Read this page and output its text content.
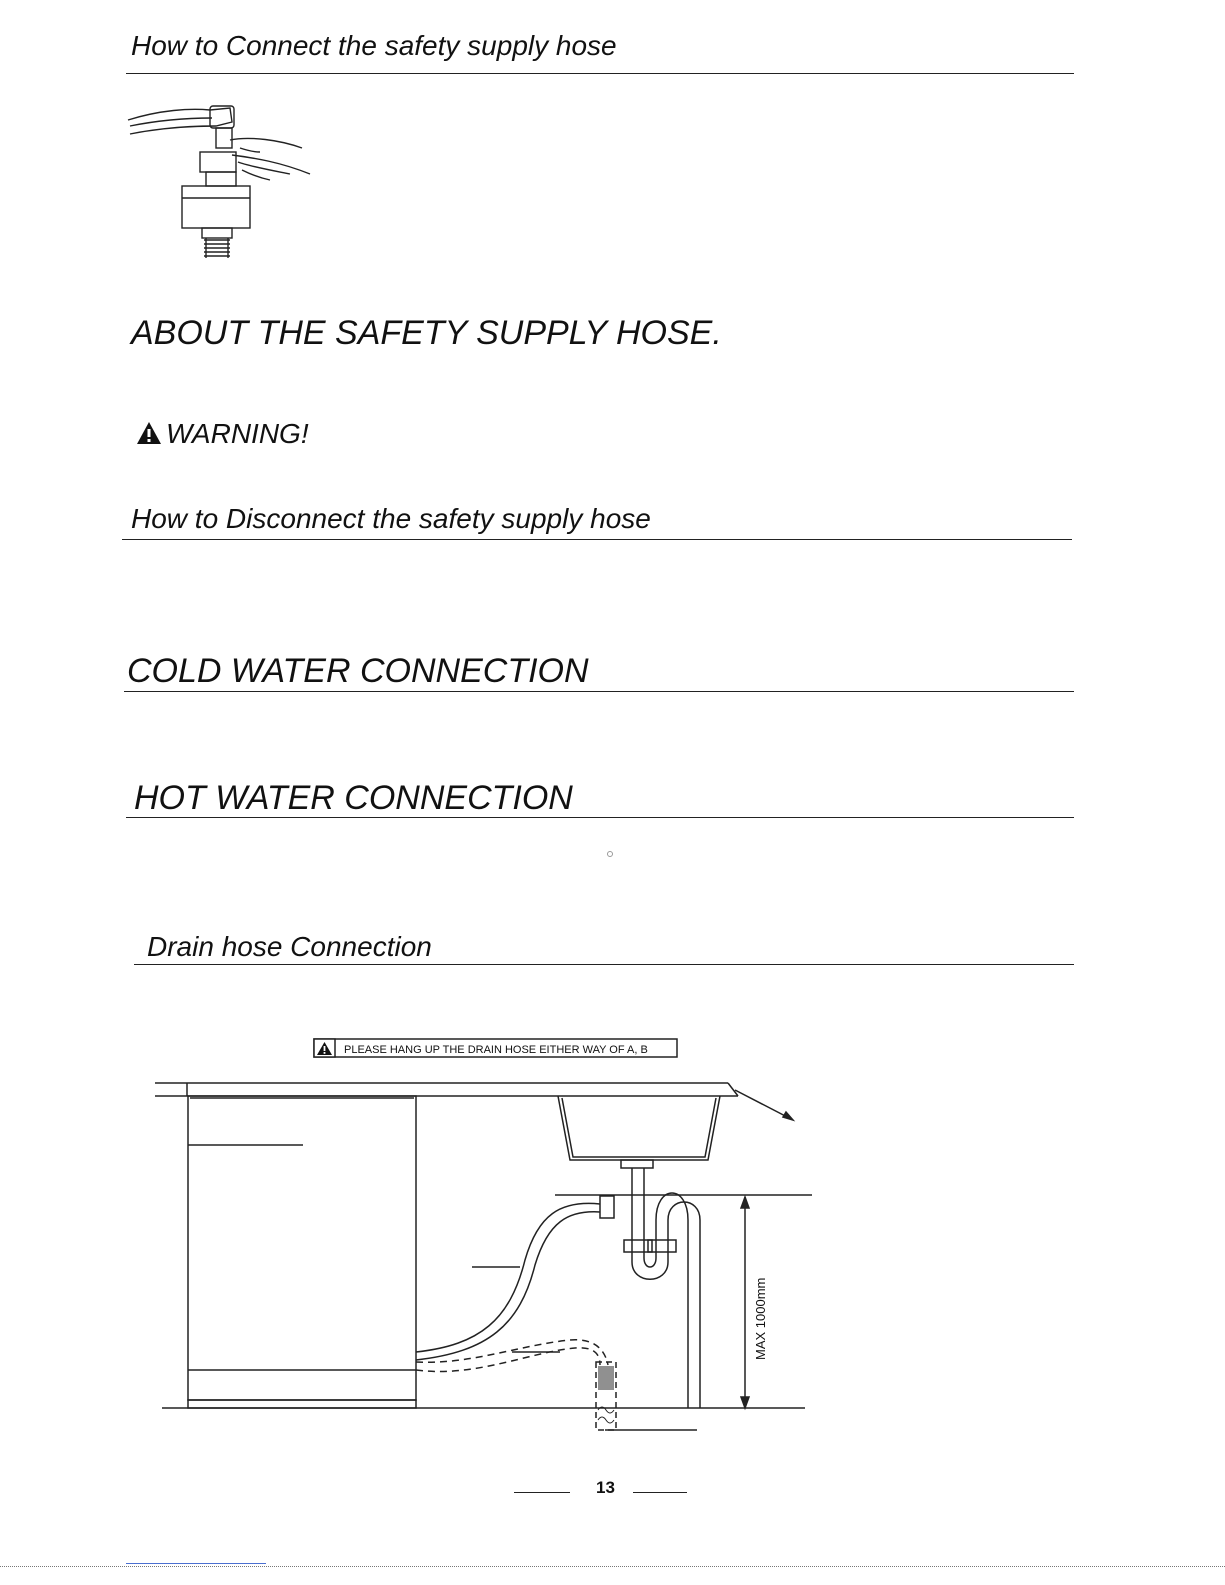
How to Connect the safety supply hose
ABOUT THE SAFETY SUPPLY HOSE.
WARNING!
How to Disconnect the safety supply hose
COLD WATER CONNECTION
HOT WATER CONNECTION
Drain hose Connection
PLEASE HANG UP THE DRAIN HOSE EITHER WAY OF A, B
MAX 1000mm
13
